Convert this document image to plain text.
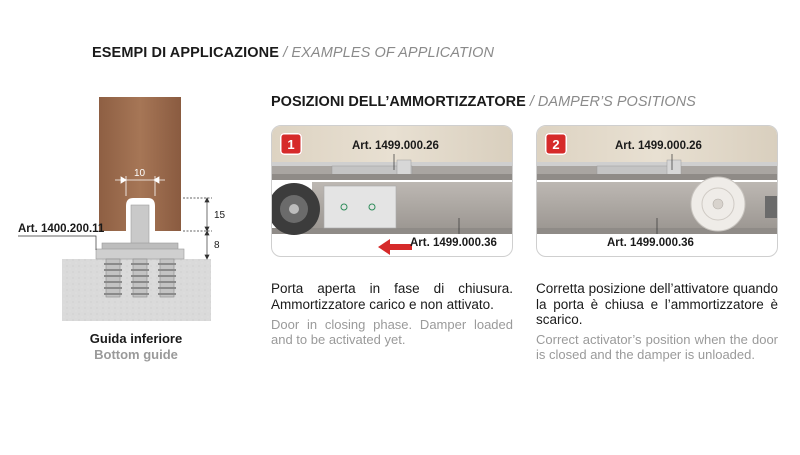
ESEMPI DI APPLICAZIONE / EXAMPLES OF APPLICATION
POSIZIONI DELL’AMMORTIZZATORE / DAMPER’S POSITIONS
10
15
8
Art. 1400.200.11
Guida inferiore
Bottom guide
1	Art. 1499.000.26
Art. 1499.000.36
2	Art. 1499.000.26
Art. 1499.000.36
Porta aperta in fase di chiusura. Ammortizzatore carico e non attivato.
Door in closing phase. Damper loaded and to be activated yet.
Corretta posizione dell’attivatore quando la porta è chiusa e l’ammortizzatore è scarico.
Correct activator’s position when the door is closed and the damper is unloaded.
